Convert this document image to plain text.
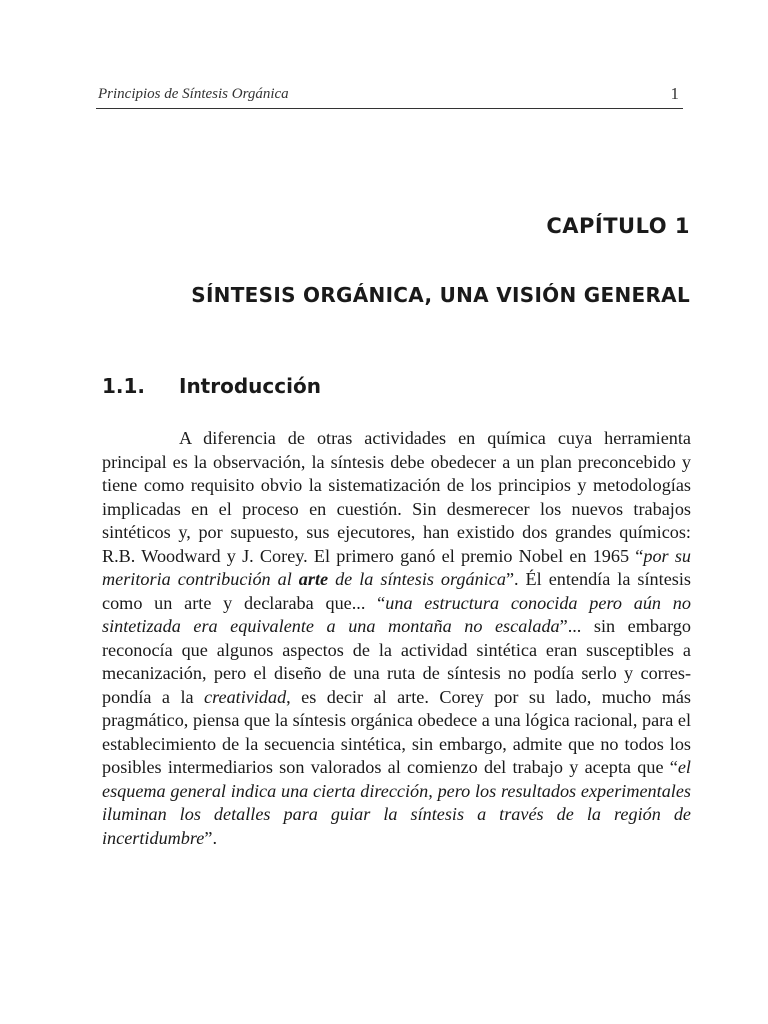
Principios de Síntesis Orgánica	1
CAPÍTULO 1
SÍNTESIS ORGÁNICA, UNA VISIÓN GENERAL
1.1. Introducción

A diferencia de otras actividades en química cuya herramienta principal es la observación, la síntesis debe obedecer a un plan preconcebido y tiene como requisito obvio la sistematización de los principios y metodologías implicadas en el proceso en cuestión. Sin desmerecer los nuevos trabajos sintéticos y, por supuesto, sus ejecutores, han existido dos grandes químicos: R.B. Woodward y J. Corey. El primero ganó el premio Nobel en 1965 “por su meritoria contribución al arte de la síntesis orgánica”. Él entendía la síntesis como un arte y declaraba que... “una estructura conocida pero aún no sintetizada era equivalente a una montaña no escalada”... sin embargo reconocía que algunos aspectos de la actividad sintética eran susceptibles a mecanización, pero el diseño de una ruta de síntesis no podía serlo y correspondía a la creatividad, es decir al arte. Corey por su lado, mucho más pragmático, piensa que la síntesis orgánica obedece a una lógica racional, para el establecimiento de la secuencia sintética, sin embargo, admite que no todos los posibles intermediarios son valorados al comienzo del trabajo y acepta que “el esquema general indica una cierta dirección, pero los resultados experimentales iluminan los detalles para guiar la síntesis a través de la región de incertidumbre”.
